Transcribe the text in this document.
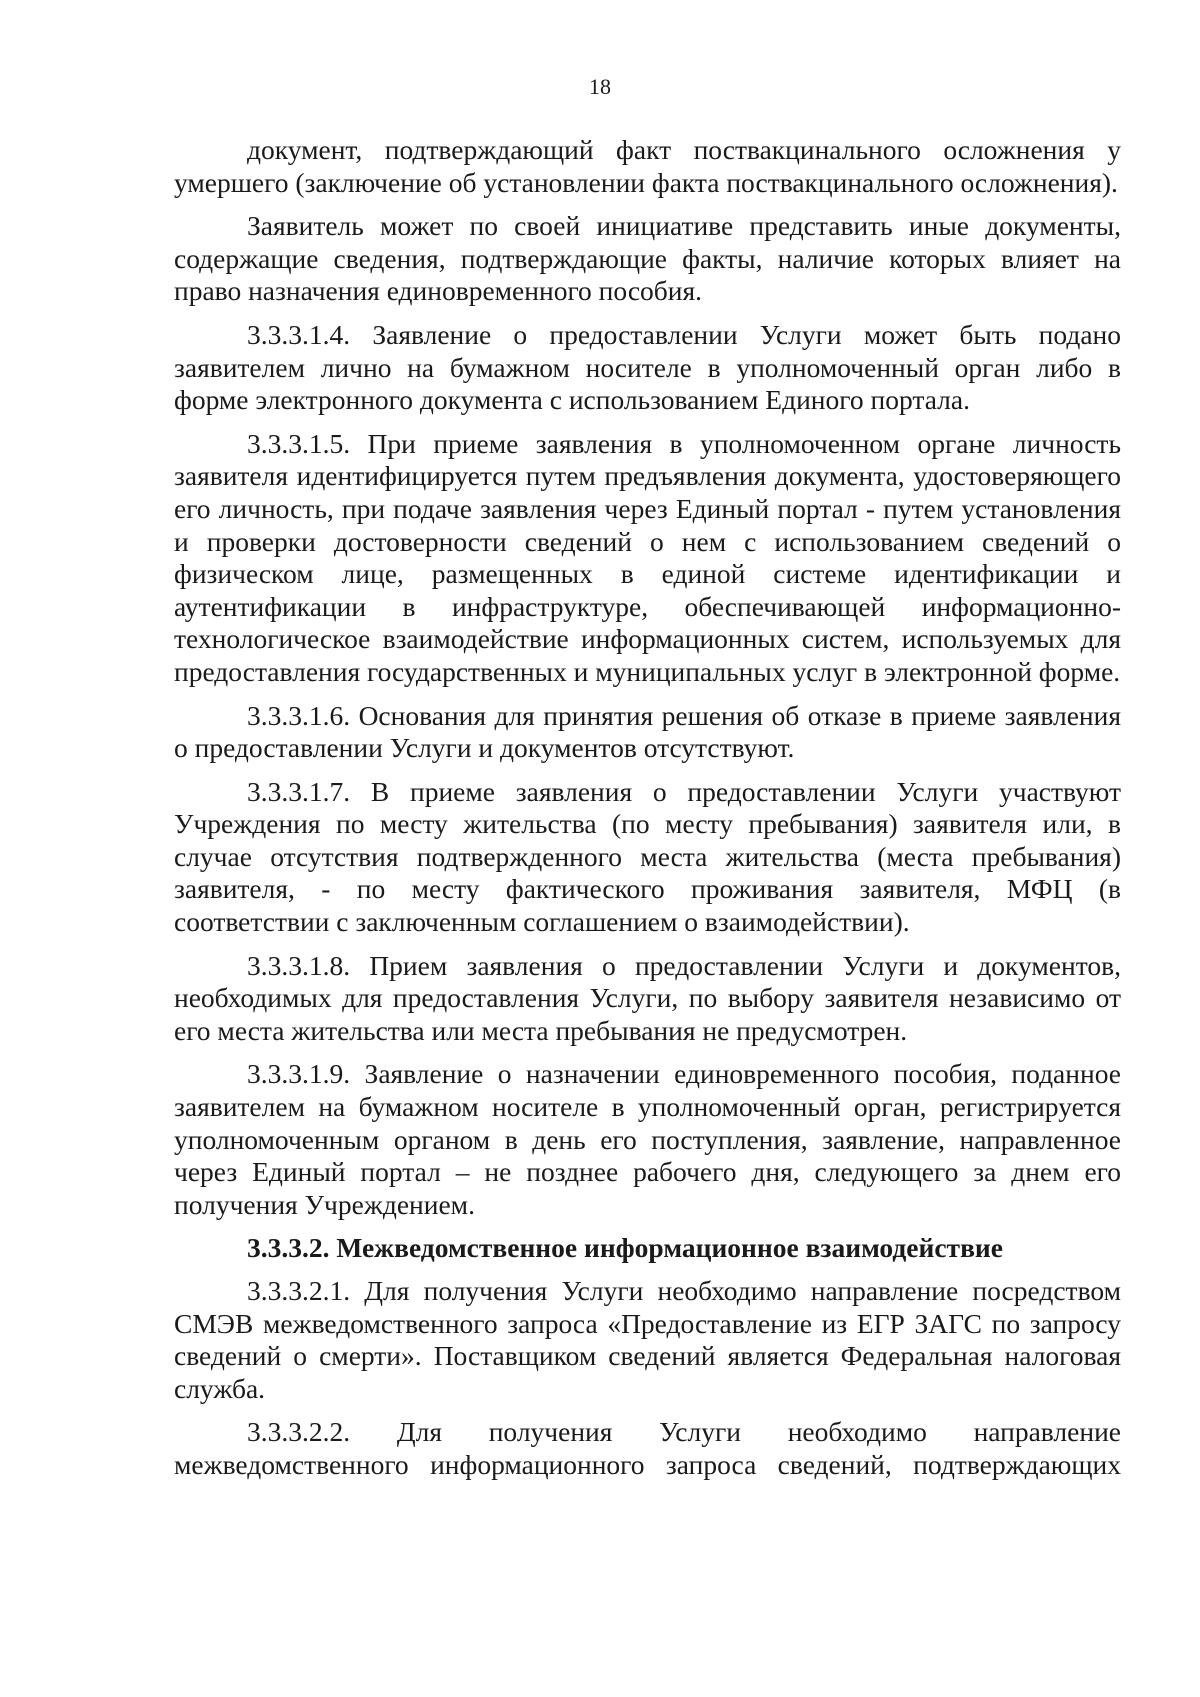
18

документ, подтверждающий факт поствакцинального осложнения у умершего (заключение об установлении факта поствакцинального осложнения).

Заявитель может по своей инициативе представить иные документы, содержащие сведения, подтверждающие факты, наличие которых влияет на право назначения единовременного пособия.

3.3.3.1.4. Заявление о предоставлении Услуги может быть подано заявителем лично на бумажном носителе в уполномоченный орган либо в форме электронного документа с использованием Единого портала.

3.3.3.1.5. При приеме заявления в уполномоченном органе личность заявителя идентифицируется путем предъявления документа, удостоверяющего его личность, при подаче заявления через Единый портал - путем установления и проверки достоверности сведений о нем с использованием сведений о физическом лице, размещенных в единой системе идентификации и аутентификации в инфраструктуре, обеспечивающей информационно-технологическое взаимодействие информационных систем, используемых для предоставления государственных и муниципальных услуг в электронной форме.

3.3.3.1.6. Основания для принятия решения об отказе в приеме заявления о предоставлении Услуги и документов отсутствуют.

3.3.3.1.7. В приеме заявления о предоставлении Услуги участвуют Учреждения по месту жительства (по месту пребывания) заявителя или, в случае отсутствия подтвержденного места жительства (места пребывания) заявителя, - по месту фактического проживания заявителя, МФЦ (в соответствии с заключенным соглашением о взаимодействии).

3.3.3.1.8. Прием заявления о предоставлении Услуги и документов, необходимых для предоставления Услуги, по выбору заявителя независимо от его места жительства или места пребывания не предусмотрен.

3.3.3.1.9. Заявление о назначении единовременного пособия, поданное заявителем на бумажном носителе в уполномоченный орган, регистрируется уполномоченным органом в день его поступления, заявление, направленное через Единый портал – не позднее рабочего дня, следующего за днем его получения Учреждением.

3.3.3.2. Межведомственное информационное взаимодействие

3.3.3.2.1. Для получения Услуги необходимо направление посредством СМЭВ межведомственного запроса «Предоставление из ЕГР ЗАГС по запросу сведений о смерти». Поставщиком сведений является Федеральная налоговая служба.

3.3.3.2.2. Для получения Услуги необходимо направление межведомственного информационного запроса сведений, подтверждающих
